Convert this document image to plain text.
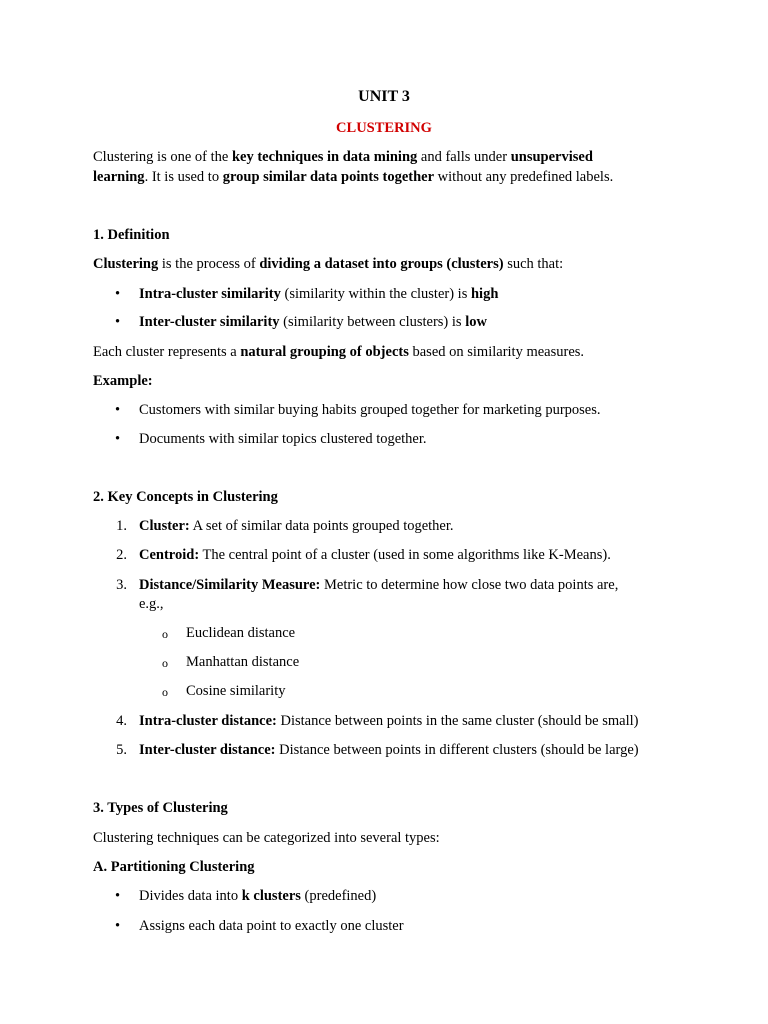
UNIT 3
CLUSTERING
Clustering is one of the key techniques in data mining and falls under unsupervised
learning. It is used to group similar data points together without any predefined labels.
1. Definition
Clustering is the process of dividing a dataset into groups (clusters) such that:
• Intra-cluster similarity (similarity within the cluster) is high
• Inter-cluster similarity (similarity between clusters) is low
Each cluster represents a natural grouping of objects based on similarity measures.
Example:
• Customers with similar buying habits grouped together for marketing purposes.
• Documents with similar topics clustered together.
2. Key Concepts in Clustering
1. Cluster: A set of similar data points grouped together.
2. Centroid: The central point of a cluster (used in some algorithms like K-Means).
3. Distance/Similarity Measure: Metric to determine how close two data points are,
e.g.,
o Euclidean distance
o Manhattan distance
o Cosine similarity
4. Intra-cluster distance: Distance between points in the same cluster (should be small)
5. Inter-cluster distance: Distance between points in different clusters (should be large)
3. Types of Clustering
Clustering techniques can be categorized into several types:
A. Partitioning Clustering
• Divides data into k clusters (predefined)
• Assigns each data point to exactly one cluster
